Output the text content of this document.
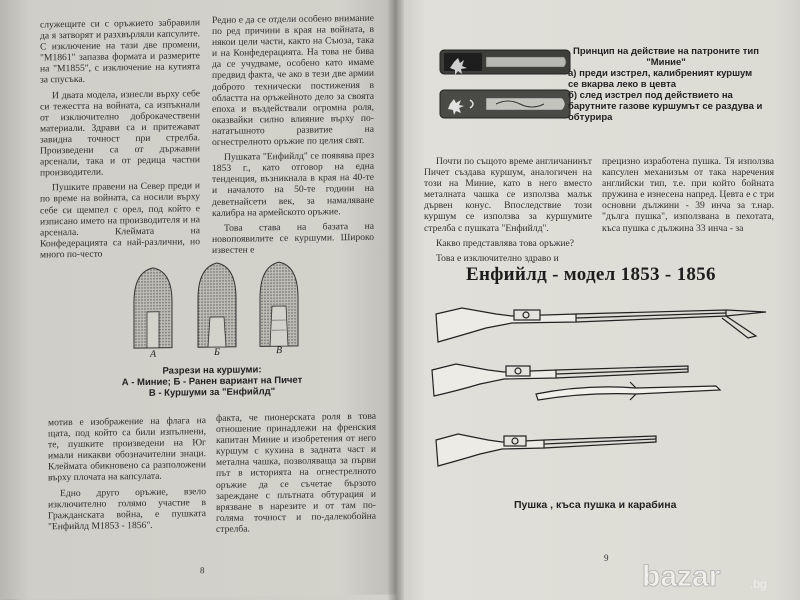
служещите си с оръжието забравили да я затворят и разхвърляли капсулите. С изключение на тази две промени, "М1861" запазва формата и размерите на "М1855", с изключение на кутията за спусъка.

И двата модела, изнесли върху себе си тежестта на войната, са изпъкнали от изключително доброкачествени материали. Здрави са и притежават завидна точност при стрелба. Произведени са от държавни арсенали, така и от редица частни производители.

Пушките правени на Север преди и по време на войната, са носили върху себе си щемпел с орел, под който е изписано името на производителя и на арсенала. Клеймата на Конфедерацията са най-различни, но много по-често

Редно е да се отдели особено внимание по ред причини в края на войната, в някои цели части, както на Съюза, така и на Конфедерацията. На това не бива да се учудваме, особено като имаме предвид факта, че ако в тези две армии доброто технически постижения в областта на оръжейното дело за своята епоха и въздействали огромна роля, оказвайки силно влияние върху по-нататъшното развитие на огнестрелното оръжие по целия свят.

Пушката "Енфийлд" се появява през 1853 г., като отговор на една тенденция, възникнала в края на 40-те и началото на 50-те години на деветнайсети век, за намаляване калибра на армейското оръжие.

Това става на базата на новопоявилите се куршуми. Широко известен е

А	Б	В
Разрези на куршуми:
А - Миние; Б - Ранен вариант на Пичет
В - Куршуми за "Енфийлд"

мотив е изображение на флага на щата, под който са били изпълнени, те, пушките произведени на Юг имали никакви обозначителни знаци. Клеймата обикновено са разположени върху плочата на капсулата.

Едно друго оръжие, взело изключително голямо участие в Гражданската война, е пушката "Енфийлд М1853 - 1856".

факта, че пионерската роля в това отношение принадлежи на френския капитан Миние и изобретения от него куршум с кухина в задната част и метална чашка, позволяваща за първи път в историята на огнестрелното оръжие да се съчетае бързото зареждане с плътната обтурация и врязване в нарезите и от там по-голяма точност и по-далекобойна стрелба.

8
Принцип на действие на патроните тип "Миние"
а) преди изстрел, калибреният куршум се вкарва леко в цевта
б) след изстрел под действието на барутните газове куршумът се раздува и обтурира

Почти по същото време англичанинът Пичет създава куршум, аналогичен на този на Миние, като в него вместо металната чашка се използва малък дървен конус. Впоследствие този куршум се използва за куршумите стрелба с пушката "Енфийлд".

Какво представлява това оръжие?

Това е изключително здраво и

прецизно изработена пушка. Тя използва капсулен механизъм от така наречения английски тип, т.е. при който бойната пружина е изнесена напред. Цевта е с три основни дължини - 39 инча за т.нар. "дълга пушка", използвана в пехотата, къса пушка с дължина 33 инча - за

Енфийлд - модел 1853 - 1856
Пушка , къса пушка и карабина
9
bazar .bg
